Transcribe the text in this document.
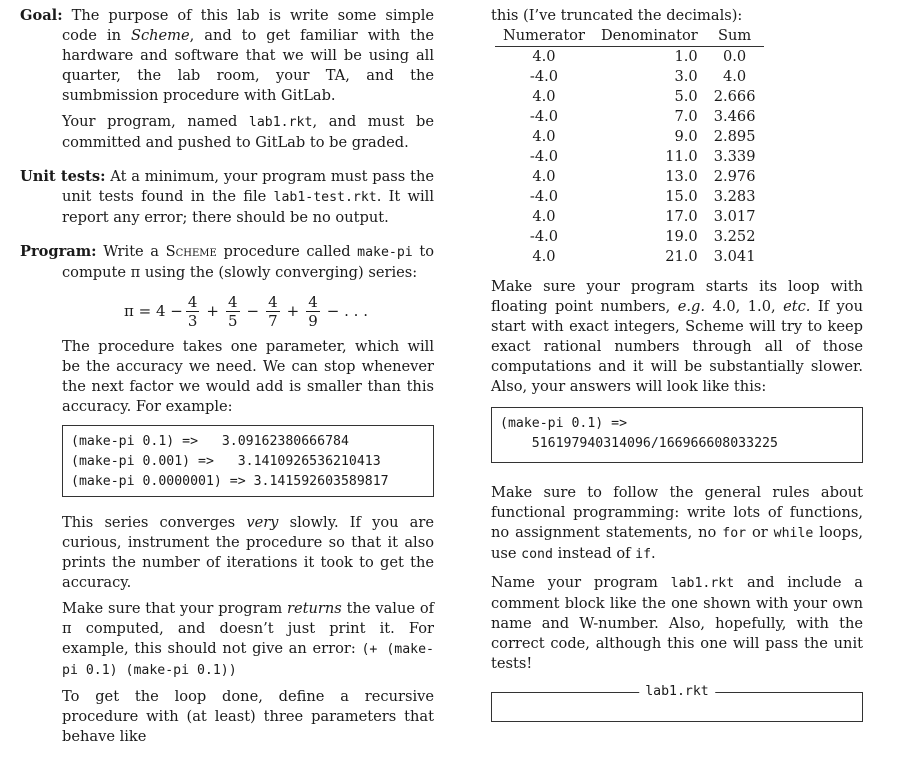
Goal: The purpose of this lab is write some simple code in Scheme, and to get familiar with the hardware and software that we will be using all quarter, the lab room, your TA, and the sumbmission procedure with GitLab.

Your program, named lab1.rkt, and must be committed and pushed to GitLab to be graded.

Unit tests: At a minimum, your program must pass the unit tests found in the file lab1-test.rkt. It will report any error; there should be no output.

Program: Write a Scheme procedure called make-pi to compute π using the (slowly converging) series:

$\pi = 4 - \frac{4}{3} + \frac{4}{5} - \frac{4}{7} + \frac{4}{9}$ − . . .

The procedure takes one parameter, which will be the accuracy we need. We can stop whenever the next factor we would add is smaller than this accuracy. For example:

(make-pi 0.1) =>   3.09162380666784
(make-pi 0.001) =>   3.1410926536210413
(make-pi 0.0000001) => 3.141592603589817

This series converges very slowly. If you are curious, instrument the procedure so that it also prints the number of iterations it took to get the accuracy.

Make sure that your program returns the value of π computed, and doesn’t just print it. For example, this should not give an error: (+ (make-pi 0.1) (make-pi 0.1))

To get the loop done, define a recursive procedure with (at least) three parameters that behave like

this (I’ve truncated the decimals):

Numerator	Denominator	Sum
4.0	1.0	0.0
-4.0	3.0	4.0
4.0	5.0	2.666
-4.0	7.0	3.466
4.0	9.0	2.895
-4.0	11.0	3.339
4.0	13.0	2.976
-4.0	15.0	3.283
4.0	17.0	3.017
-4.0	19.0	3.252
4.0	21.0	3.041

Make sure your program starts its loop with floating point numbers, e.g. 4.0, 1.0, etc. If you start with exact integers, Scheme will try to keep exact rational numbers through all of those computations and it will be substantially slower. Also, your answers will look like this:

(make-pi 0.1) =>
516197940314096/166966608033225

Make sure to follow the general rules about functional programming: write lots of functions, no assignment statements, no for or while loops, use cond instead of if.

Name your program lab1.rkt and include a comment block like the one shown with your own name and W-number. Also, hopefully, with the correct code, although this one will pass the unit tests!

lab1.rkt
